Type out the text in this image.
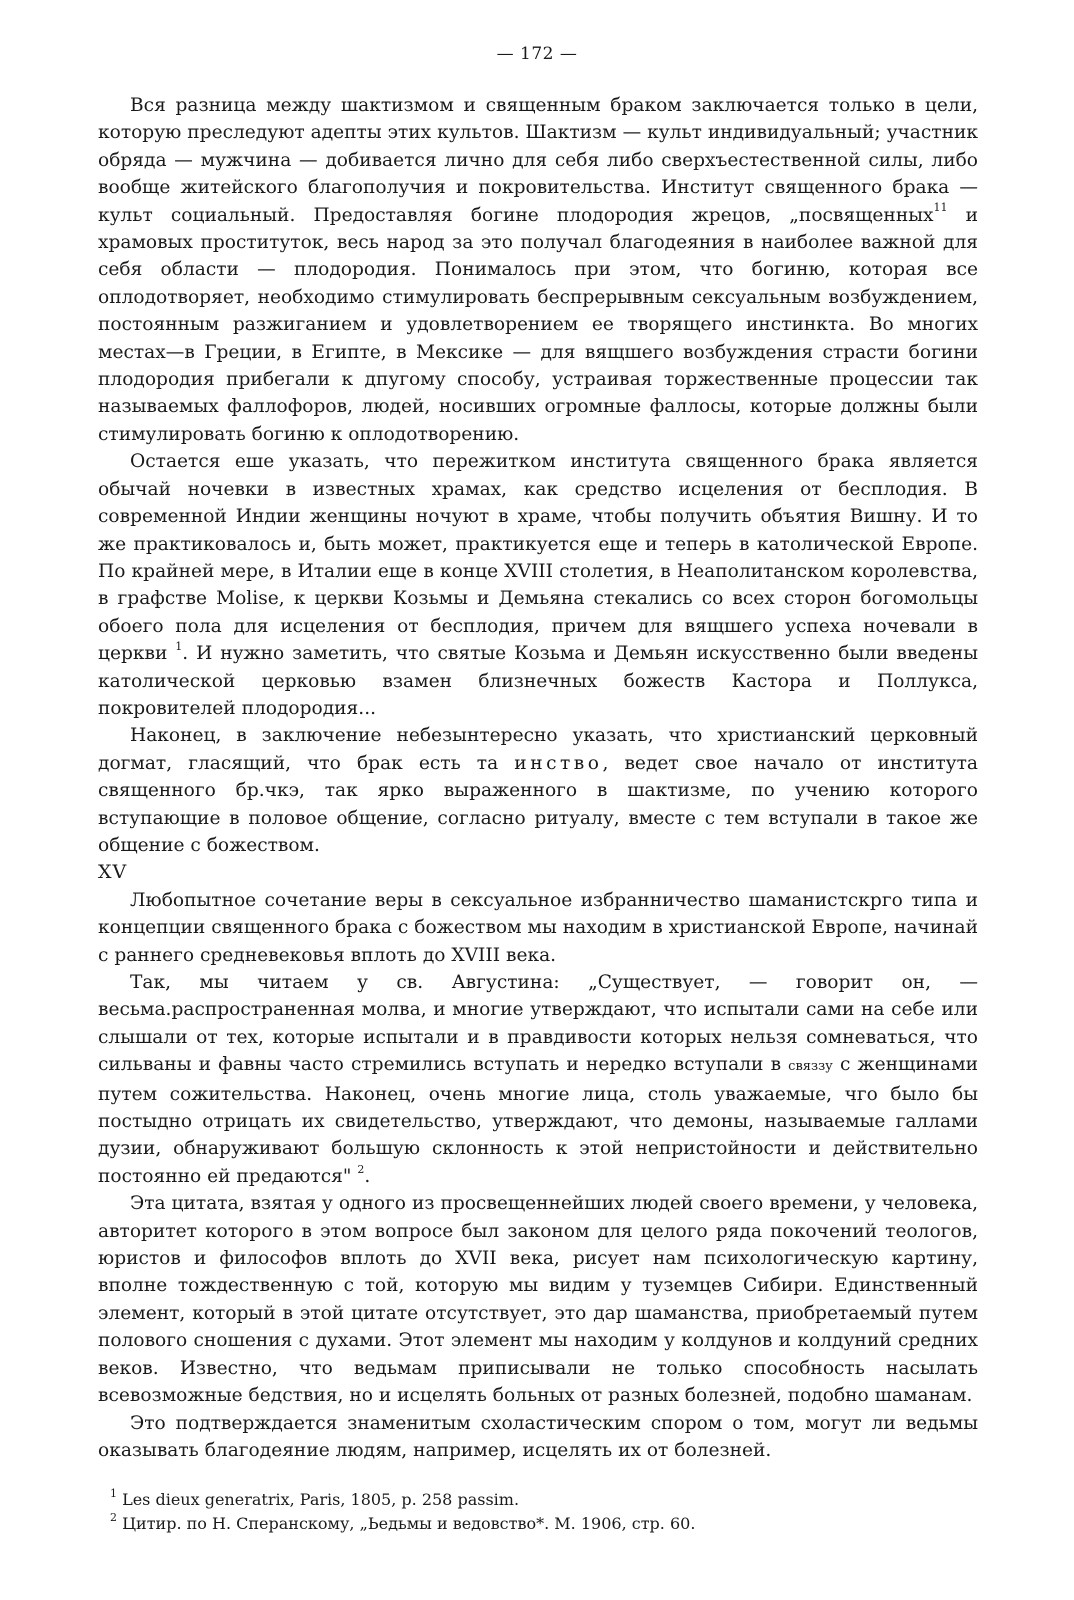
— 172 —

Вся разница между шактизмом и священным браком заключается только в цели, которую преследуют адепты этих культов. Шактизм — культ индивидуальный; участник обряда — мужчина — добивается лично для себя либо сверхъестественной силы, либо вообще житейского благополучия и покровительства. Институт священного брака — культ социальный. Предоставляя богине плодородия жрецов, „посвященных$^{11}$ и храмовых проституток, весь народ за это получал благодеяния в наиболее важной для себя области — плодородия. Понималось при этом, что богиню, которая все оплодотворяет, необходимо стимулировать беспрерывным сексуальным возбуждением, постоянным разжиганием и удовлетворением ее творящего инстинкта. Во многих местах—в Греции, в Египте, в Мексике — для вящшего возбуждения страсти богини плодородия прибегали к дпугому способу, устраивая торжественные процессии так называемых фаллофоров, людей, носивших огромные фаллосы, которые должны были стимулировать богиню к оплодотворению.

Остается еше указать, что пережитком института священного брака является обычай ночевки в известных храмах, как средство исцеления от бесплодия. В современной Индии женщины ночуют в храме, чтобы получить объятия Вишну. И то же практиковалось и, быть может, практикуется еще и теперь в католической Европе. По крайней мере, в Италии еще в конце XVIII столетия, в Неаполитанском королевства, в графстве Molise, к церкви Козьмы и Демьяна стекались со всех сторон богомольцы обоего пола для исцеления от бесплодия, причем для вящшего успеха ночевали в церкви $^1$. И нужно заметить, что святые Козьма и Демьян искусственно были введены католической церковью взамен близнечных божеств Кастора и Поллукса, покровителей плодородия...

Наконец, в заключение небезынтересно указать, что христианский церковный догмат, гласящий, что брак есть та инство, ведет свое начало от института священного бр.чкэ, так ярко выраженного в шактизме, по учению которого вступающие в половое общение, согласно ритуалу, вместе с тем вступали в такое же общение с божеством.

XV

Любопытное сочетание веры в сексуальное избранничество шаманистскрго типа и концепции священного брака с божеством мы находим в христианской Европе, начинай с раннего средневековья вплоть до XVIII века.

Так, мы читаем у св. Августина: „Существует, — говорит он, — весьма.распространенная молва, и многие утверждают, что испытали сами на себе или слышали от тех, которые испытали и в правдивости которых нельзя сомневаться, что сильваны и фавны часто стремились вступать и нередко вступали в связзу с женщинами путем сожительства. Наконец, очень многие лица, столь уважаемые, чго было бы постыдно отрицать их свидетельство, утверждают, что демоны, называемые галлами дузии, обнаруживают большую склонность к этой непристойности и действительно постоянно ей предаются" $^2$.

Эта цитата, взятая у одного из просвещеннейших людей своего времени, у человека, авторитет которого в этом вопросе был законом для целого ряда покочений теологов, юристов и философов вплоть до XVII века, рисует нам психологическую картину, вполне тождественную с той, которую мы видим у туземцев Сибири. Единственный элемент, который в этой цитате отсутствует, это дар шаманства, приобретаемый путем полового сношения с духами. Этот элемент мы находим у колдунов и колдуний средних веков. Известно, что ведьмам приписывали не только способность насылать всевозможные бедствия, но и исцелять больных от разных болезней, подобно шаманам.

Это подтверждается знаменитым схоластическим спором о том, могут ли ведьмы оказывать благодеяние людям, например, исцелять их от болезней.

$^1$ Les dieux generatrix, Paris, 1805, p. 258 passim.
$^2$ Цитир. по Н. Сперанскому, „Ьедьмы и ведовство*. М. 1906, стр. 60.
